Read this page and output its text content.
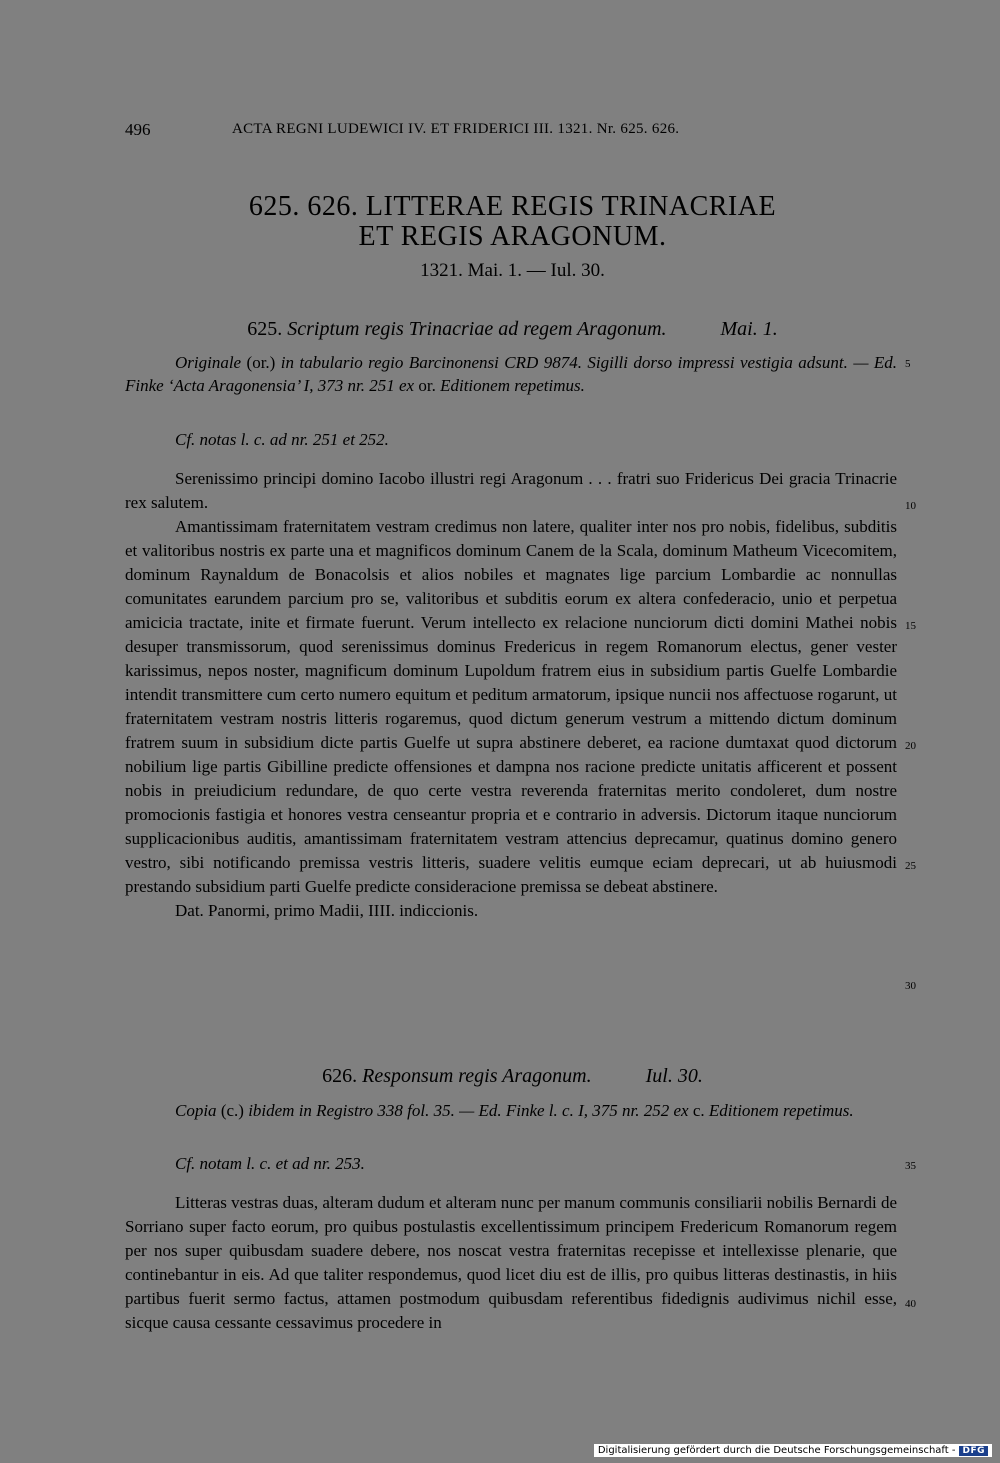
496	ACTA REGNI LUDEWICI IV. ET FRIDERICI III. 1321. Nr. 625. 626.
625. 626. LITTERAE REGIS TRINACRIAE
ET REGIS ARAGONUM.
1321. Mai. 1. — Iul. 30.
625. Scriptum regis Trinacriae ad regem Aragonum.	Mai. 1.
Originale (or.) in tabulario regio Barcinonensi CRD 9874. Sigilli dorso impressi vestigia adsunt. — Ed. Finke ‘Acta Aragonensia’ I, 373 nr. 251 ex or. Editionem repetimus.
Cf. notas l. c. ad nr. 251 et 252.

Serenissimo principi domino Iacobo illustri regi Aragonum . . . fratri suo Fridericus Dei gracia Trinacrie rex salutem.

Amantissimam fraternitatem vestram credimus non latere, qualiter inter nos pro nobis, fidelibus, subditis et valitoribus nostris ex parte una et magnificos dominum Canem de la Scala, dominum Matheum Vicecomitem, dominum Raynaldum de Bonacolsis et alios nobiles et magnates lige parcium Lombardie ac nonnullas comunitates earundem parcium pro se, valitoribus et subditis eorum ex altera confederacio, unio et perpetua amicicia tractate, inite et firmate fuerunt. Verum intellecto ex relacione nunciorum dicti domini Mathei nobis desuper transmissorum, quod serenissimus dominus Fredericus in regem Romanorum electus, gener vester karissimus, nepos noster, magnificum dominum Lupoldum fratrem eius in subsidium partis Guelfe Lombardie intendit transmittere cum certo numero equitum et peditum armatorum, ipsique nuncii nos affectuose rogarunt, ut fraternitatem vestram nostris litteris rogaremus, quod dictum generum vestrum a mittendo dictum dominum fratrem suum in subsidium dicte partis Guelfe ut supra abstinere deberet, ea racione dumtaxat quod dictorum nobilium lige partis Gibilline predicte offensiones et dampna nos racione predicte unitatis afficerent et possent nobis in preiudicium redundare, de quo certe vestra reverenda fraternitas merito condoleret, dum nostre promocionis fastigia et honores vestra censeantur propria et e contrario in adversis. Dictorum itaque nunciorum supplicacionibus auditis, amantissimam fraternitatem vestram attencius deprecamur, quatinus domino genero vestro, sibi notificando premissa vestris litteris, suadere velitis eumque eciam deprecari, ut ab huiusmodi prestando subsidium parti Guelfe predicte consideracione premissa se debeat abstinere.

Dat. Panormi, primo Madii, IIII. indiccionis.

626. Responsum regis Aragonum.	Iul. 30.
Copia (c.) ibidem in Registro 338 fol. 35. — Ed. Finke l. c. I, 375 nr. 252 ex c. Editionem repetimus.
Cf. notam l. c. et ad nr. 253.

Litteras vestras duas, alteram dudum et alteram nunc per manum communis consiliarii nobilis Bernardi de Sorriano super facto eorum, pro quibus postulastis excellentissimum principem Fredericum Romanorum regem per nos super quibusdam suadere debere, nos noscat vestra fraternitas recepisse et intellexisse plenarie, que continebantur in eis. Ad que taliter respondemus, quod licet diu est de illis, pro quibus litteras destinastis, in hiis partibus fuerit sermo factus, attamen postmodum quibusdam referentibus fidedignis audivimus nichil esse, sicque causa cessante cessavimus procedere in

5
10
15
20
25
30
35
40
Digitalisierung gefördert durch die Deutsche Forschungsgemeinschaft - DFG
